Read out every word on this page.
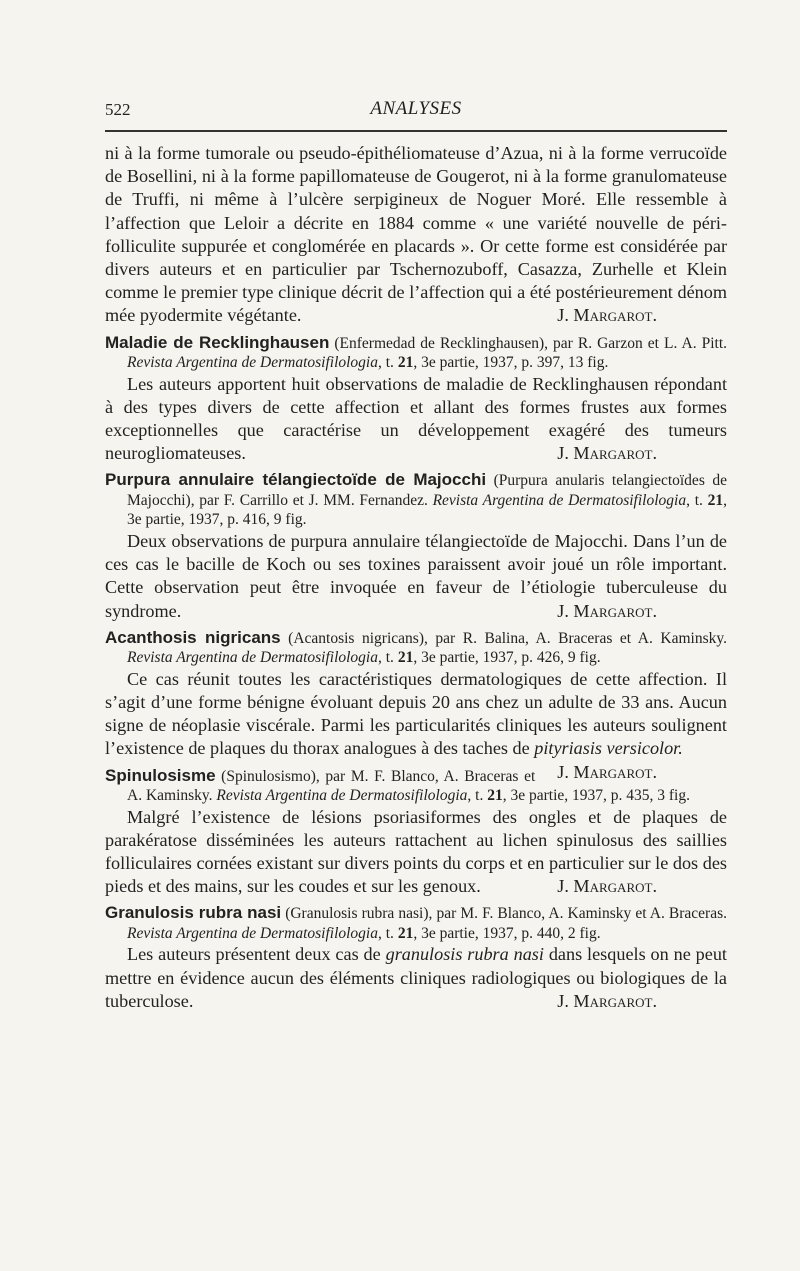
522	ANALYSES

ni à la forme tumorale ou pseudo-épithéliomateuse d’Azua, ni à la forme verrucoïde de Bosellini, ni à la forme papillomateuse de Gougerot, ni à la forme granulomateuse de Truffi, ni même à l’ulcère serpigineux de Noguer Moré. Elle ressemble à l’affection que Leloir a décrite en 1884 comme « une variété nouvelle de péri-folliculite suppurée et conglomérée en placards ». Or cette forme est considérée par divers auteurs et en particulier par Tschernozuboff, Casazza, Zurhelle et Klein comme le premier type clinique décrit de l’affection qui a été postérieurement dénom mée pyodermite végétante.	J. Margarot.

Maladie de Recklinghausen (Enfermedad de Recklinghausen), par R. Garzon et L. A. Pitt. Revista Argentina de Dermatosifilologia, t. 21, 3e partie, 1937, p. 397, 13 fig.

Les auteurs apportent huit observations de maladie de Recklinghausen répondant à des types divers de cette affection et allant des formes frustes aux formes exceptionnelles que caractérise un développement exagéré des tumeurs neurogliomateuses.	J. Margarot.

Purpura annulaire télangiectoïde de Majocchi (Purpura anularis telangiectoïdes de Majocchi), par F. Carrillo et J. MM. Fernandez. Revista Argentina de Dermatosifilologia, t. 21, 3e partie, 1937, p. 416, 9 fig.

Deux observations de purpura annulaire télangiectoïde de Majocchi. Dans l’un de ces cas le bacille de Koch ou ses toxines paraissent avoir joué un rôle important. Cette observation peut être invoquée en faveur de l’étiologie tuberculeuse du syndrome.	J. Margarot.

Acanthosis nigricans (Acantosis nigricans), par R. Balina, A. Braceras et A. Kaminsky. Revista Argentina de Dermatosifilologia, t. 21, 3e partie, 1937, p. 426, 9 fig.

Ce cas réunit toutes les caractéristiques dermatologiques de cette affection. Il s’agit d’une forme bénigne évoluant depuis 20 ans chez un adulte de 33 ans. Aucun signe de néoplasie viscérale. Parmi les particularités cliniques les auteurs soulignent l’existence de plaques du thorax analogues à des taches de pityriasis versicolor.
J. Margarot.

Spinulosisme (Spinulosismo), par M. F. Blanco, A. Braceras et A. Kaminsky. Revista Argentina de Dermatosifilologia, t. 21, 3e partie, 1937, p. 435, 3 fig.

Malgré l’existence de lésions psoriasiformes des ongles et de plaques de parakératose disséminées les auteurs rattachent au lichen spinulosus des saillies folliculaires cornées existant sur divers points du corps et en particulier sur le dos des pieds et des mains, sur les coudes et sur les genoux.	J. Margarot.

Granulosis rubra nasi (Granulosis rubra nasi), par M. F. Blanco, A. Kaminsky et A. Braceras. Revista Argentina de Dermatosifilologia, t. 21, 3e partie, 1937, p. 440, 2 fig.

Les auteurs présentent deux cas de granulosis rubra nasi dans lesquels on ne peut mettre en évidence aucun des éléments cliniques radiologiques ou biologiques de la tuberculose.	J. Margarot.
